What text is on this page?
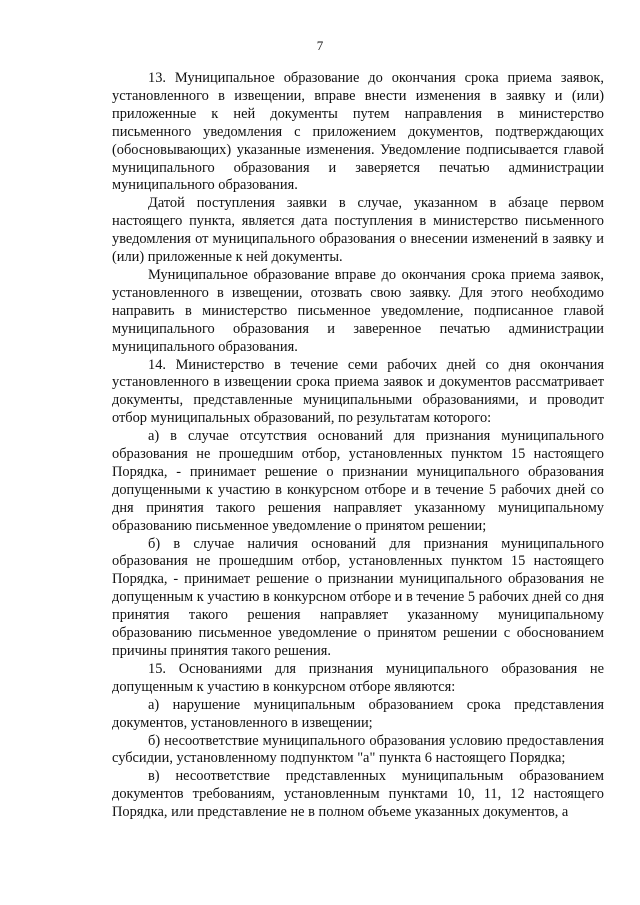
7

13. Муниципальное образование до окончания срока приема заявок, установленного в извещении, вправе внести изменения в заявку и (или) приложенные к ней документы путем направления в министерство письменного уведомления с приложением документов, подтверждающих (обосновывающих) указанные изменения. Уведомление подписывается главой муниципального образования и заверяется печатью администрации муниципального образования.

Датой поступления заявки в случае, указанном в абзаце первом настоящего пункта, является дата поступления в министерство письменного уведомления от муниципального образования о внесении изменений в заявку и (или) приложенные к ней документы.

Муниципальное образование вправе до окончания срока приема заявок, установленного в извещении, отозвать свою заявку. Для этого необходимо направить в министерство письменное уведомление, подписанное главой муниципального образования и заверенное печатью администрации муниципального образования.

14. Министерство в течение семи рабочих дней со дня окончания установленного в извещении срока приема заявок и документов рассматривает документы, представленные муниципальными образованиями, и проводит отбор муниципальных образований, по результатам которого:

а) в случае отсутствия оснований для признания муниципального образования не прошедшим отбор, установленных пунктом 15 настоящего Порядка, - принимает решение о признании муниципального образования допущенными к участию в конкурсном отборе и в течение 5 рабочих дней со дня принятия такого решения направляет указанному муниципальному образованию письменное уведомление о принятом решении;

б) в случае наличия оснований для признания муниципального образования не прошедшим отбор, установленных пунктом 15 настоящего Порядка, - принимает решение о признании муниципального образования не допущенным к участию в конкурсном отборе и в течение 5 рабочих дней со дня принятия такого решения направляет указанному муниципальному образованию письменное уведомление о принятом решении с обоснованием причины принятия такого решения.

15. Основаниями для признания муниципального образования не допущенным к участию в конкурсном отборе являются:

а) нарушение муниципальным образованием срока представления документов, установленного в извещении;

б) несоответствие муниципального образования условию предоставления субсидии, установленному подпунктом "а" пункта 6 настоящего Порядка;

в) несоответствие представленных муниципальным образованием документов требованиям, установленным пунктами 10, 11, 12 настоящего Порядка, или представление не в полном объеме указанных документов, а
